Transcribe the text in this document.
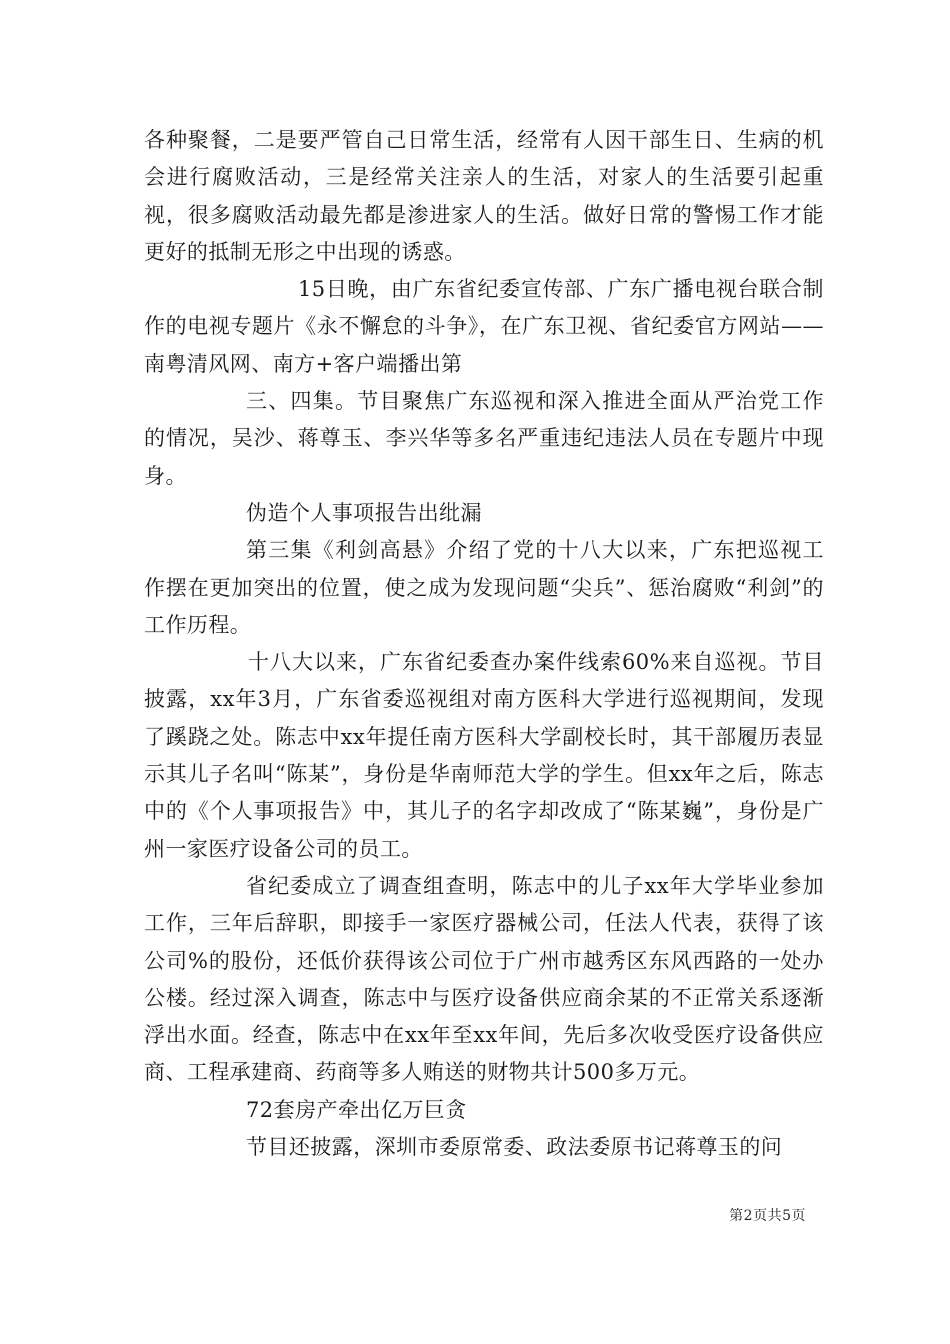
各种聚餐，二是要严管自己日常生活，经常有人因干部生日、生病的机会进行腐败活动，三是经常关注亲人的生活，对家人的生活要引起重视，很多腐败活动最先都是渗进家人的生活。做好日常的警惕工作才能更好的抵制无形之中出现的诱惑。

15日晚，由广东省纪委宣传部、广东广播电视台联合制作的电视专题片《永不懈怠的斗争》，在广东卫视、省纪委官方网站——南粤清风网、南方+客户端播出第

三、四集。节目聚焦广东巡视和深入推进全面从严治党工作的情况，吴沙、蒋尊玉、李兴华等多名严重违纪违法人员在专题片中现身。

伪造个人事项报告出纰漏

第三集《利剑高悬》介绍了党的十八大以来，广东把巡视工作摆在更加突出的位置，使之成为发现问题“尖兵”、惩治腐败“利剑”的工作历程。

十八大以来，广东省纪委查办案件线索60%来自巡视。节目披露，xx年3月，广东省委巡视组对南方医科大学进行巡视期间，发现了蹊跷之处。陈志中xx年提任南方医科大学副校长时，其干部履历表显示其儿子名叫“陈某”，身份是华南师范大学的学生。但xx年之后，陈志中的《个人事项报告》中，其儿子的名字却改成了“陈某巍”，身份是广州一家医疗设备公司的员工。

省纪委成立了调查组查明，陈志中的儿子xx年大学毕业参加工作，三年后辞职，即接手一家医疗器械公司，任法人代表，获得了该公司%的股份，还低价获得该公司位于广州市越秀区东风西路的一处办公楼。经过深入调查，陈志中与医疗设备供应商余某的不正常关系逐渐浮出水面。经查，陈志中在xx年至xx年间，先后多次收受医疗设备供应商、工程承建商、药商等多人贿送的财物共计500多万元。

72套房产牵出亿万巨贪

节目还披露，深圳市委原常委、政法委原书记蒋尊玉的问

第2页共5页
